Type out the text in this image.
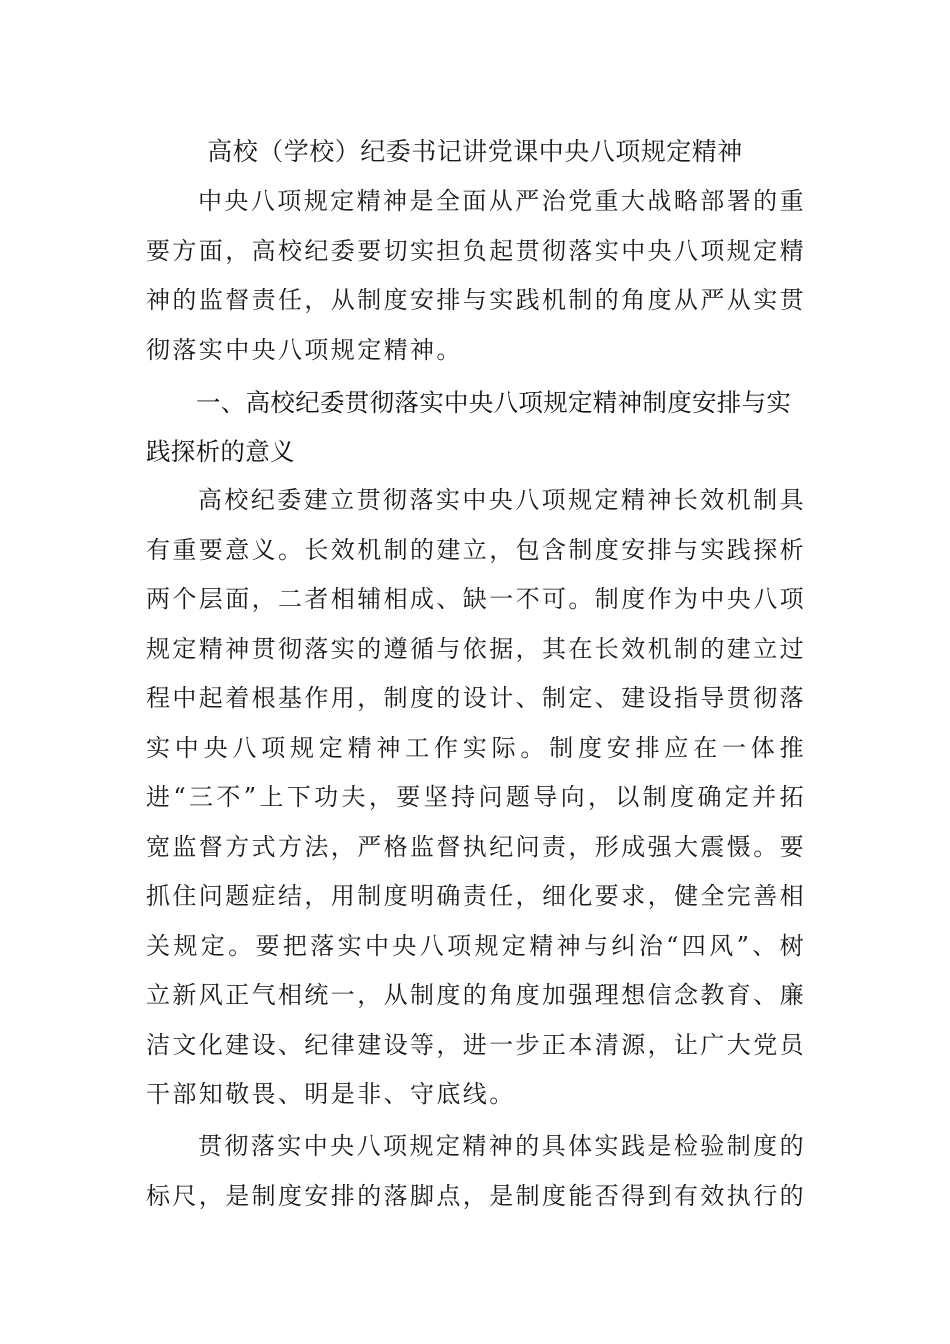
高校（学校）纪委书记讲党课中央八项规定精神

中央八项规定精神是全面从严治党重大战略部署的重要方面，高校纪委要切实担负起贯彻落实中央八项规定精神的监督责任，从制度安排与实践机制的角度从严从实贯彻落实中央八项规定精神。

一、高校纪委贯彻落实中央八项规定精神制度安排与实践探析的意义

高校纪委建立贯彻落实中央八项规定精神长效机制具有重要意义。长效机制的建立，包含制度安排与实践探析两个层面，二者相辅相成、缺一不可。制度作为中央八项规定精神贯彻落实的遵循与依据，其在长效机制的建立过程中起着根基作用，制度的设计、制定、建设指导贯彻落实中央八项规定精神工作实际。制度安排应在一体推进“三不”上下功夫，要坚持问题导向，以制度确定并拓宽监督方式方法，严格监督执纪问责，形成强大震慑。要抓住问题症结，用制度明确责任，细化要求，健全完善相关规定。要把落实中央八项规定精神与纠治“四风”、树立新风正气相统一，从制度的角度加强理想信念教育、廉洁文化建设、纪律建设等，进一步正本清源，让广大党员干部知敬畏、明是非、守底线。

贯彻落实中央八项规定精神的具体实践是检验制度的标尺，是制度安排的落脚点，是制度能否得到有效执行的
